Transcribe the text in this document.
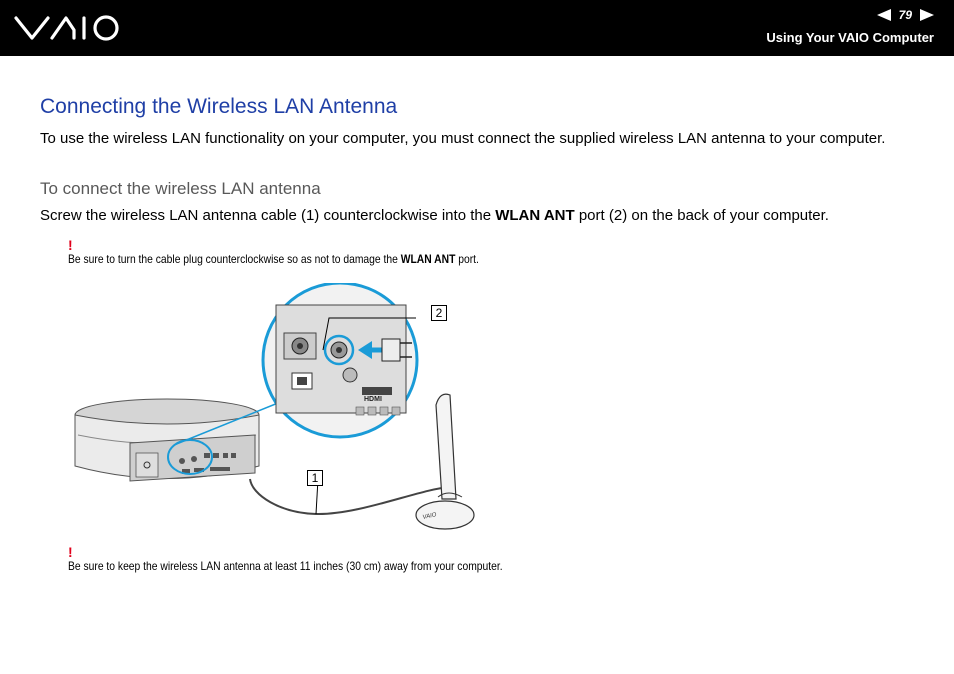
79
Using Your VAIO Computer
Connecting the Wireless LAN Antenna

To use the wireless LAN functionality on your computer, you must connect the supplied wireless LAN antenna to your computer.

To connect the wireless LAN antenna

Screw the wireless LAN antenna cable (1) counterclockwise into the WLAN ANT port (2) on the back of your computer.

!

Be sure to turn the cable plug counterclockwise so as not to damage the WLAN ANT port.

HDMI
VAIO
2
1
!

Be sure to keep the wireless LAN antenna at least 11 inches (30 cm) away from your computer.
